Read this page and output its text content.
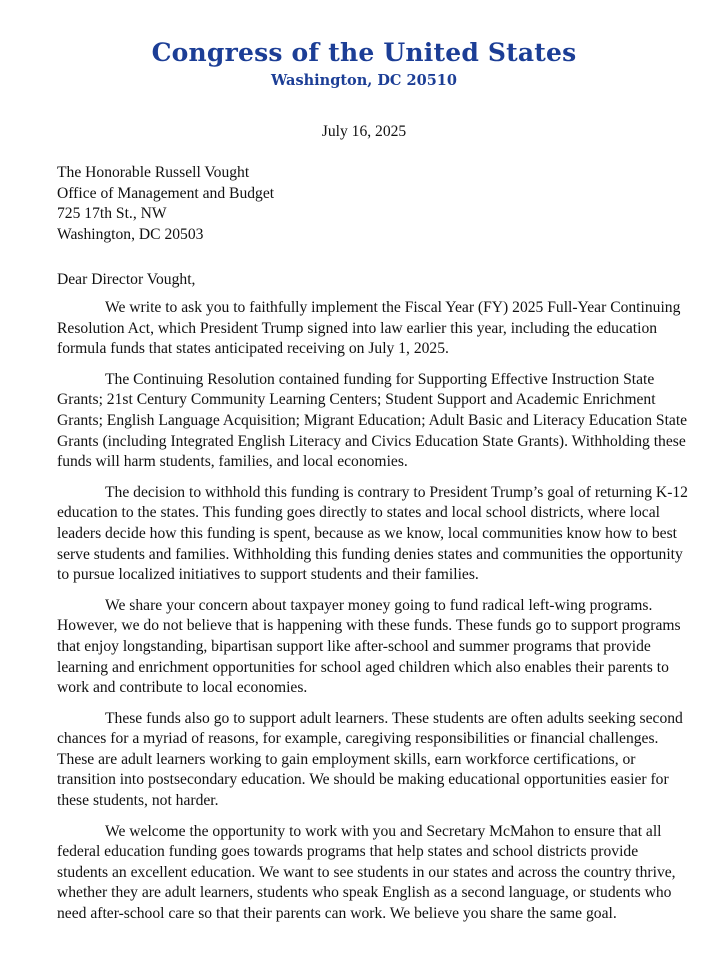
Congress of the United States
Washington, DC 20510
July 16, 2025
The Honorable Russell Vought
Office of Management and Budget
725 17th St., NW
Washington, DC 20503
Dear Director Vought,

We write to ask you to faithfully implement the Fiscal Year (FY) 2025 Full-Year Continuing Resolution Act, which President Trump signed into law earlier this year, including the education formula funds that states anticipated receiving on July 1, 2025.

The Continuing Resolution contained funding for Supporting Effective Instruction State Grants; 21st Century Community Learning Centers; Student Support and Academic Enrichment Grants; English Language Acquisition; Migrant Education; Adult Basic and Literacy Education State Grants (including Integrated English Literacy and Civics Education State Grants). Withholding these funds will harm students, families, and local economies.

The decision to withhold this funding is contrary to President Trump’s goal of returning K-12 education to the states. This funding goes directly to states and local school districts, where local leaders decide how this funding is spent, because as we know, local communities know how to best serve students and families. Withholding this funding denies states and communities the opportunity to pursue localized initiatives to support students and their families.

We share your concern about taxpayer money going to fund radical left-wing programs. However, we do not believe that is happening with these funds. These funds go to support programs that enjoy longstanding, bipartisan support like after-school and summer programs that provide learning and enrichment opportunities for school aged children which also enables their parents to work and contribute to local economies.

These funds also go to support adult learners. These students are often adults seeking second chances for a myriad of reasons, for example, caregiving responsibilities or financial challenges. These are adult learners working to gain employment skills, earn workforce certifications, or transition into postsecondary education. We should be making educational opportunities easier for these students, not harder.

We welcome the opportunity to work with you and Secretary McMahon to ensure that all federal education funding goes towards programs that help states and school districts provide students an excellent education. We want to see students in our states and across the country thrive, whether they are adult learners, students who speak English as a second language, or students who need after-school care so that their parents can work. We believe you share the same goal.
